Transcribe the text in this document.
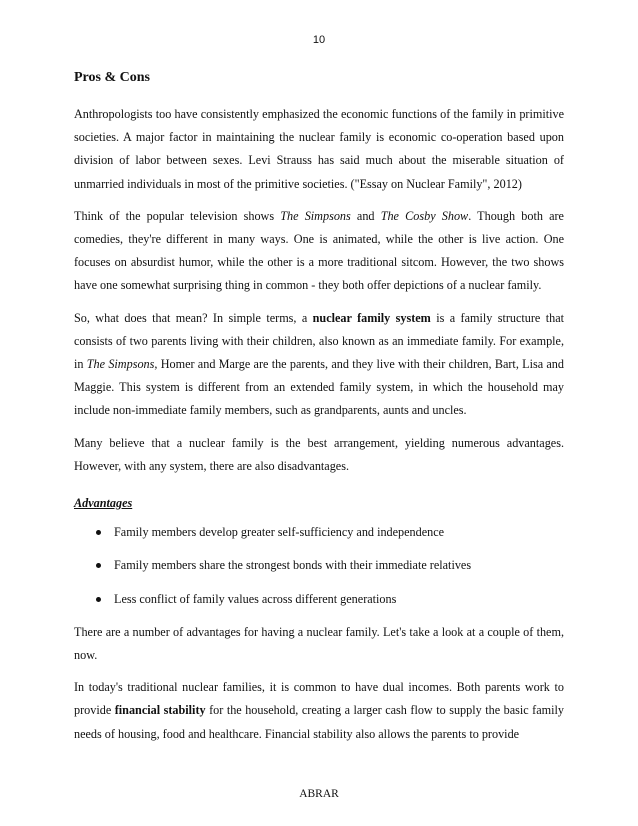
10
Pros & Cons

Anthropologists too have consistently emphasized the economic functions of the family in primitive societies. A major factor in maintaining the nuclear family is economic co-operation based upon division of labor between sexes. Levi Strauss has said much about the miserable situation of unmarried individuals in most of the primitive societies. ("Essay on Nuclear Family", 2012)

Think of the popular television shows The Simpsons and The Cosby Show. Though both are comedies, they're different in many ways. One is animated, while the other is live action. One focuses on absurdist humor, while the other is a more traditional sitcom. However, the two shows have one somewhat surprising thing in common - they both offer depictions of a nuclear family.

So, what does that mean? In simple terms, a nuclear family system is a family structure that consists of two parents living with their children, also known as an immediate family. For example, in The Simpsons, Homer and Marge are the parents, and they live with their children, Bart, Lisa and Maggie. This system is different from an extended family system, in which the household may include non-immediate family members, such as grandparents, aunts and uncles.

Many believe that a nuclear family is the best arrangement, yielding numerous advantages. However, with any system, there are also disadvantages.

Advantages

Family members develop greater self-sufficiency and independence
Family members share the strongest bonds with their immediate relatives
Less conflict of family values across different generations

There are a number of advantages for having a nuclear family. Let's take a look at a couple of them, now.

In today's traditional nuclear families, it is common to have dual incomes. Both parents work to provide financial stability for the household, creating a larger cash flow to supply the basic family needs of housing, food and healthcare. Financial stability also allows the parents to provide

ABRAR
